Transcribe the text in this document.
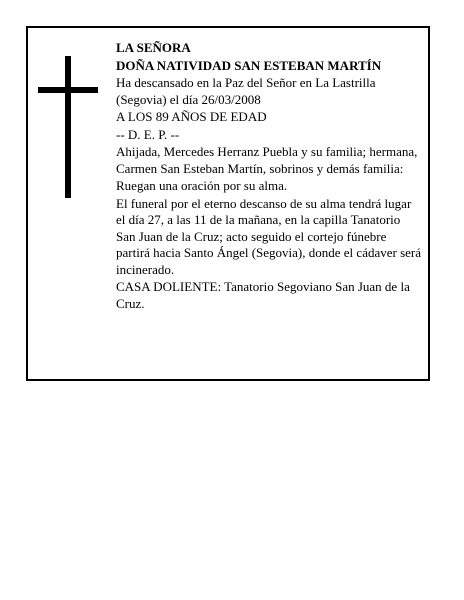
LA SEÑORA

DOÑA NATIVIDAD SAN ESTEBAN MARTÍN

Ha descansado en la Paz del Señor en La Lastrilla (Segovia) el día 26/03/2008

A LOS 89 AÑOS DE EDAD

-- D. E. P. --

Ahijada, Mercedes Herranz Puebla y su familia; hermana, Carmen San Esteban Martín, sobrinos y demás familia:

Ruegan una oración por su alma.

El funeral por el eterno descanso de su alma tendrá lugar el día 27, a las 11 de la mañana, en la capilla Tanatorio San Juan de la Cruz; acto seguido el cortejo fúnebre partirá hacia Santo Ángel (Segovia), donde el cádaver será incinerado.

CASA DOLIENTE: Tanatorio Segoviano San Juan de la Cruz.
